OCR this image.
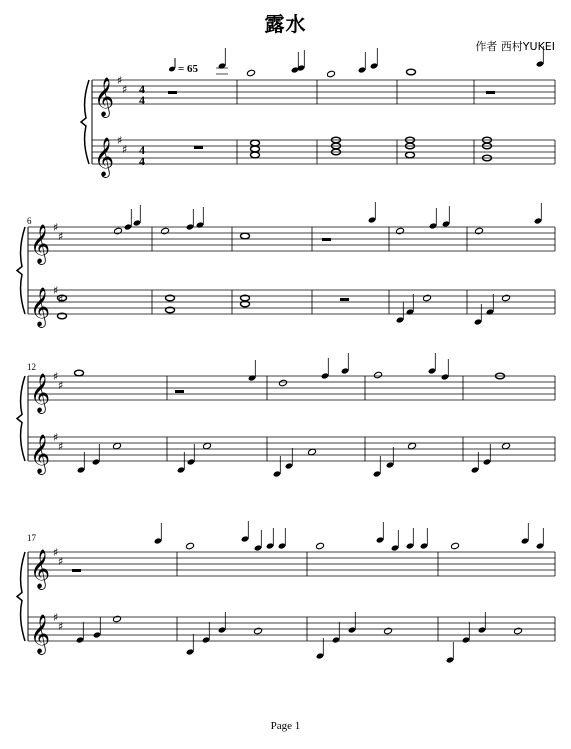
露水
作者 西村YUKEI
Page 1
𝄞 ♯
♯
𝄞 ♯
♯
𝄞 ♯
♯
𝄞 ♯
♯
𝄞 ♯
♯
𝄞 ♯
♯
𝄞 ♯
♯
𝄞 ♯
♯
= 65
6
12
17
4
4
4
4
